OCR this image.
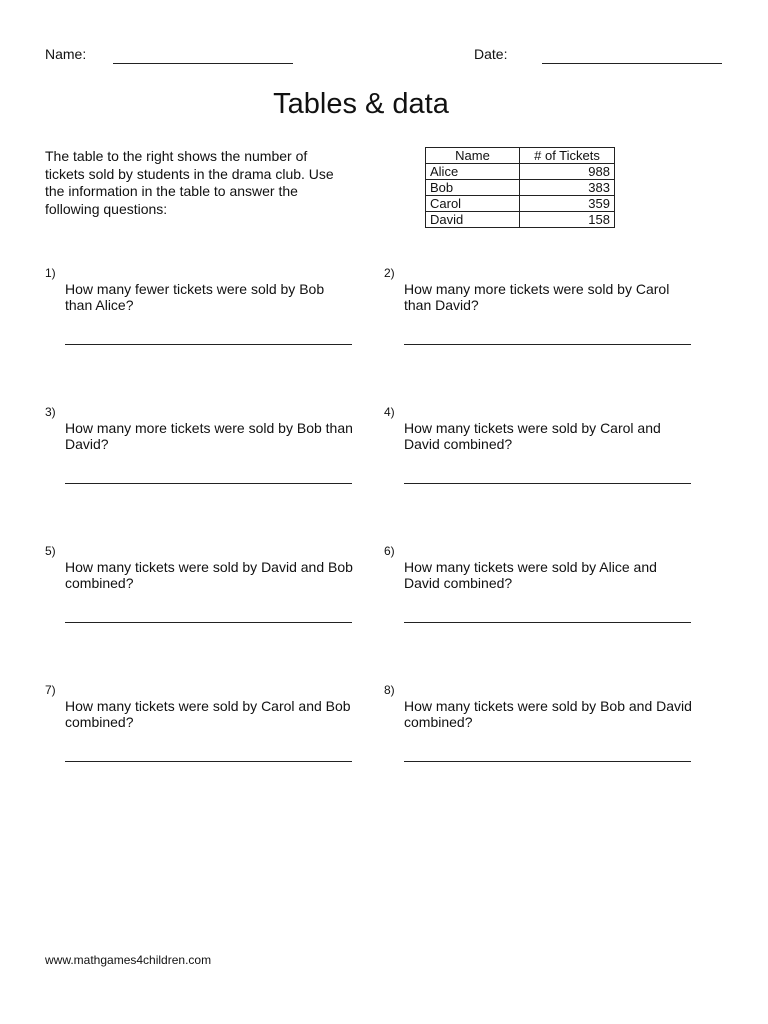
Name:	Date:
Tables & data
The table to the right shows the number of tickets sold by students in the drama club. Use the information in the table to answer the following questions:
Name	# of Tickets
Alice	988
Bob	383
Carol	359
David	158
1)
How many fewer tickets were sold by Bob than Alice?
2)
How many more tickets were sold by Carol than David?
3)
How many more tickets were sold by Bob than David?
4)
How many tickets were sold by Carol and David combined?
5)
How many tickets were sold by David and Bob combined?
6)
How many tickets were sold by Alice and David combined?
7)
How many tickets were sold by Carol and Bob combined?
8)
How many tickets were sold by Bob and David combined?
www.mathgames4children.com
